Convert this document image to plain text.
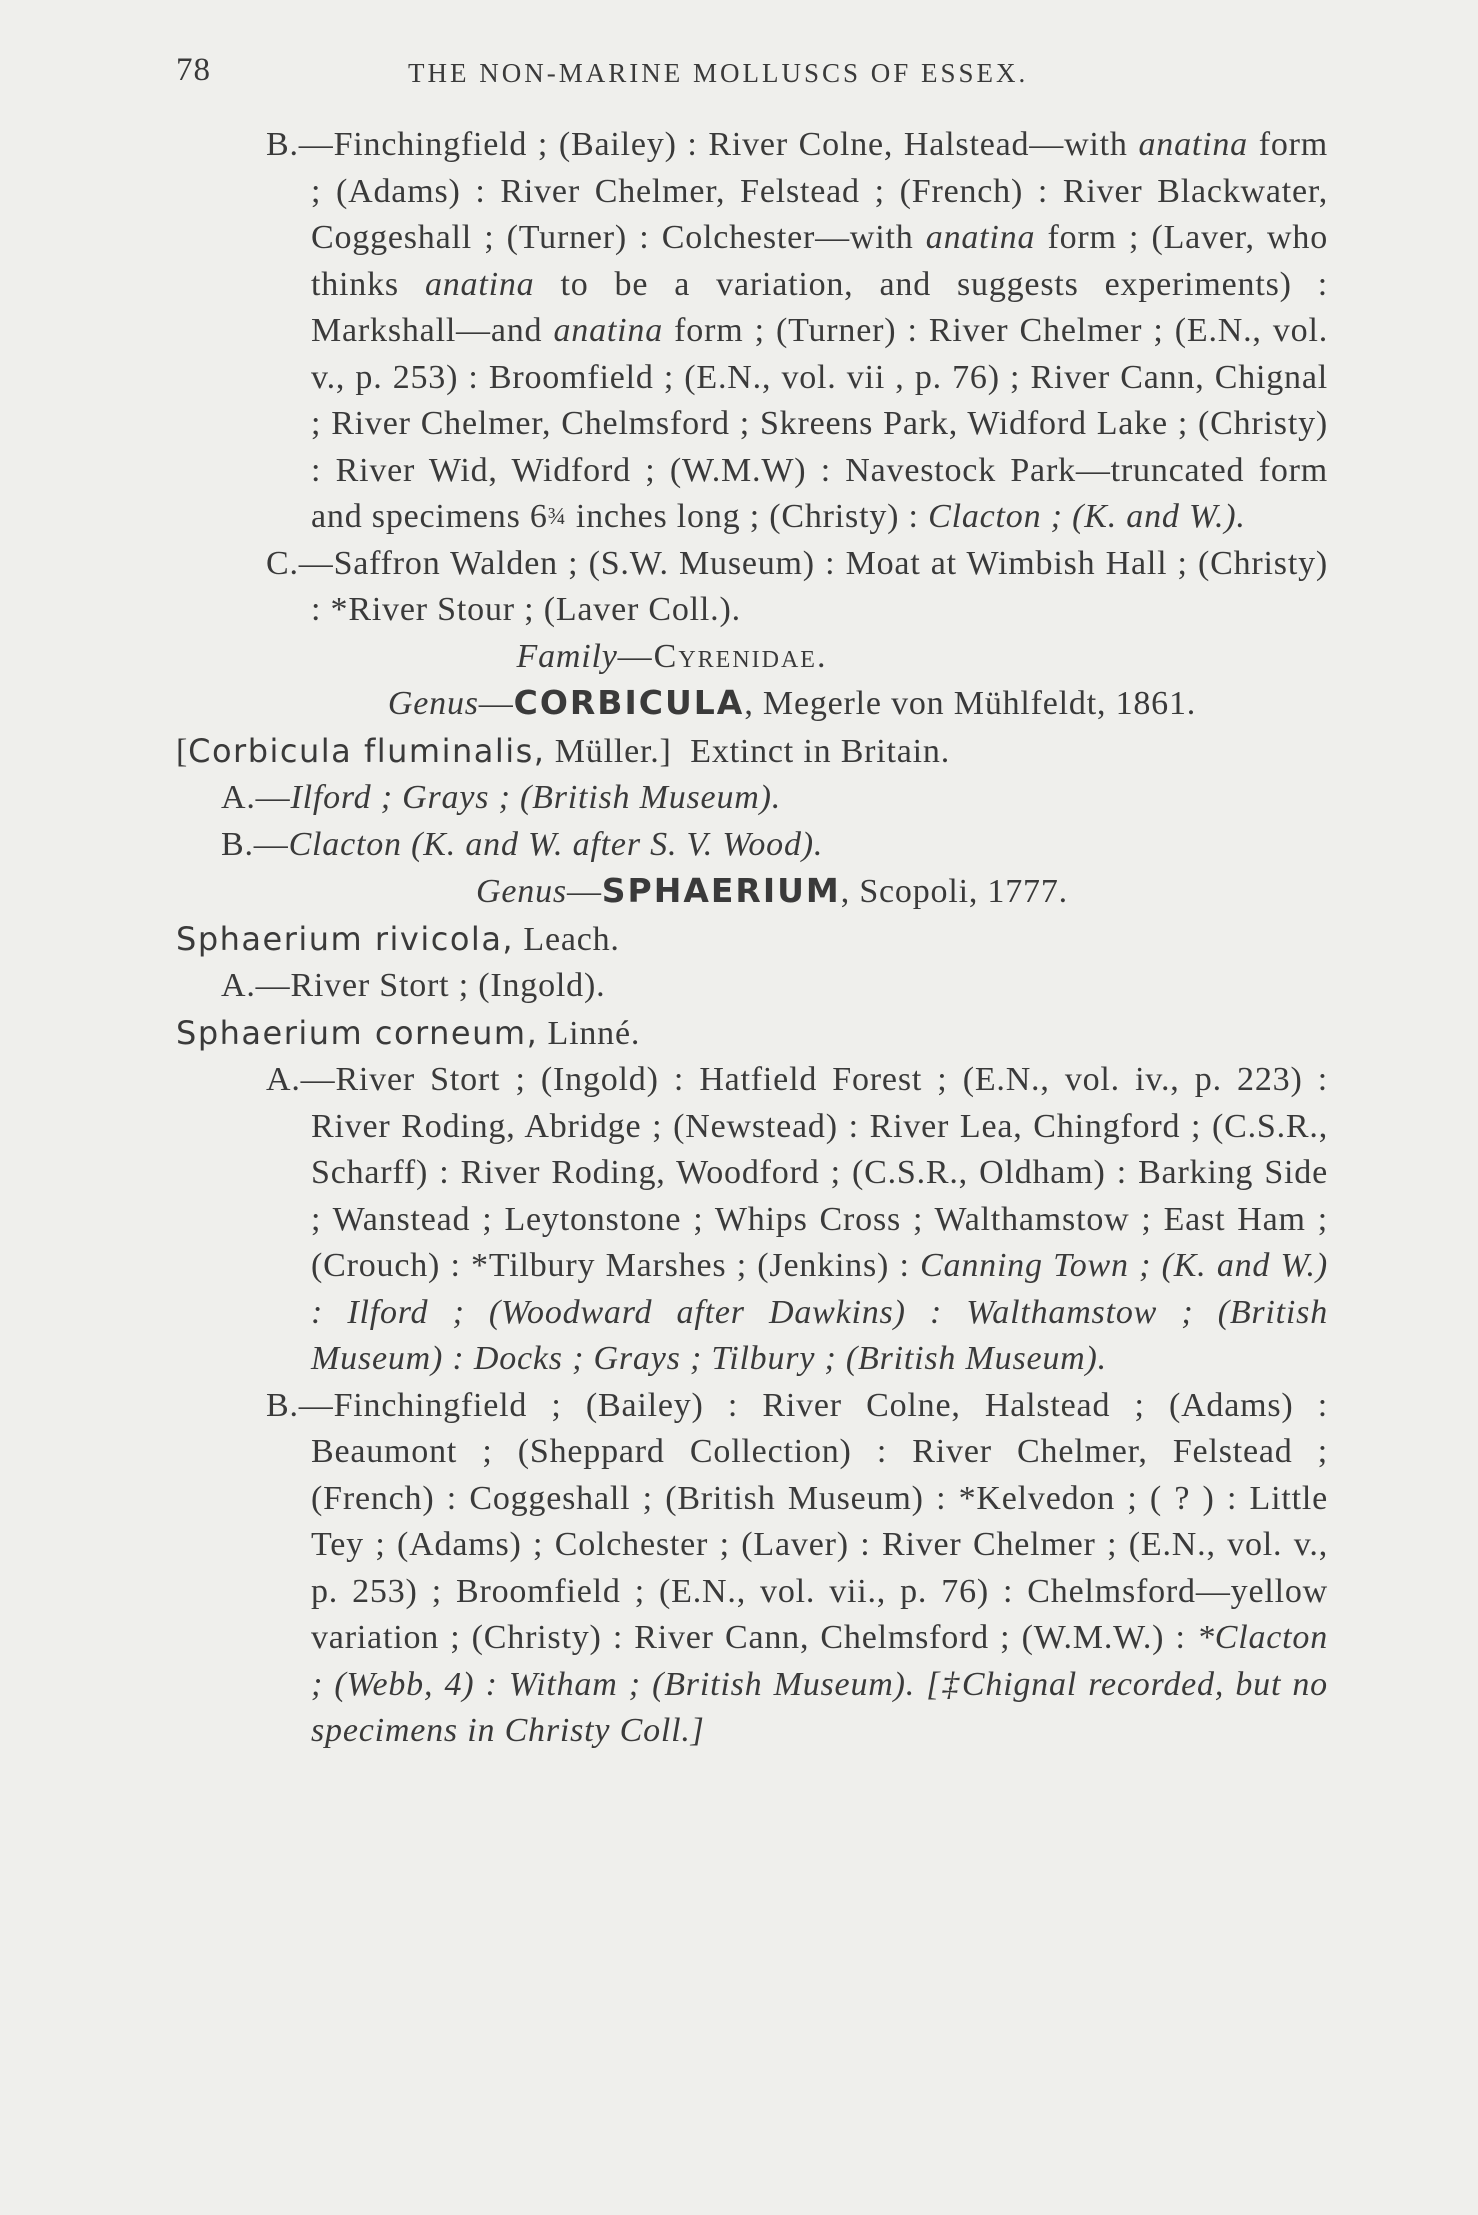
78	THE NON-MARINE MOLLUSCS OF ESSEX.

B.—Finchingfield ; (Bailey) : River Colne, Halstead—with anatina form ; (Adams) : River Chelmer, Felstead ; (French) : River Blackwater, Coggeshall ; (Turner) : Colchester—with anatina form ; (Laver, who thinks anatina to be a variation, and suggests experiments) : Markshall—and anatina form ; (Turner) : River Chelmer ; (E.N., vol. v., p. 253) : Broomfield ; (E.N., vol. vii , p. 76) ; River Cann, Chignal ; River Chelmer, Chelmsford ; Skreens Park, Widford Lake ; (Christy) : River Wid, Widford ; (W.M.W) : Navestock Park—truncated form and specimens 6¾ inches long ; (Christy) : Clacton ; (K. and W.).

C.—Saffron Walden ; (S.W. Museum) : Moat at Wimbish Hall ; (Christy) : *River Stour ; (Laver Coll.).

Family—Cyrenidae.

Genus—CORBICULA, Megerle von Mühlfeldt, 1861.

[Corbicula fluminalis, Müller.]  Extinct in Britain.

A.—Ilford ; Grays ; (British Museum).

B.—Clacton (K. and W. after S. V. Wood).

Genus—SPHAERIUM, Scopoli, 1777.

Sphaerium rivicola, Leach.

A.—River Stort ; (Ingold).

Sphaerium corneum, Linné.

A.—River Stort ; (Ingold) : Hatfield Forest ; (E.N., vol. iv., p. 223) : River Roding, Abridge ; (Newstead) : River Lea, Chingford ; (C.S.R., Scharff) : River Roding, Woodford ; (C.S.R., Oldham) : Barking Side ; Wanstead ; Leytonstone ; Whips Cross ; Walthamstow ; East Ham ; (Crouch) : *Tilbury Marshes ; (Jenkins) : Canning Town ; (K. and W.) : Ilford ; (Woodward after Dawkins) : Walthamstow ; (British Museum) : Docks ; Grays ; Tilbury ; (British Museum).

B.—Finchingfield ; (Bailey) : River Colne, Halstead ; (Adams) : Beaumont ; (Sheppard Collection) : River Chelmer, Felstead ; (French) : Coggeshall ; (British Museum) : *Kelvedon ; ( ? ) : Little Tey ; (Adams) ; Colchester ; (Laver) : River Chelmer ; (E.N., vol. v., p. 253) ; Broomfield ; (E.N., vol. vii., p. 76) : Chelmsford—yellow variation ; (Christy) : River Cann, Chelmsford ; (W.M.W.) : *Clacton ; (Webb, 4) : Witham ; (British Museum). [‡Chignal recorded, but no specimens in Christy Coll.]
